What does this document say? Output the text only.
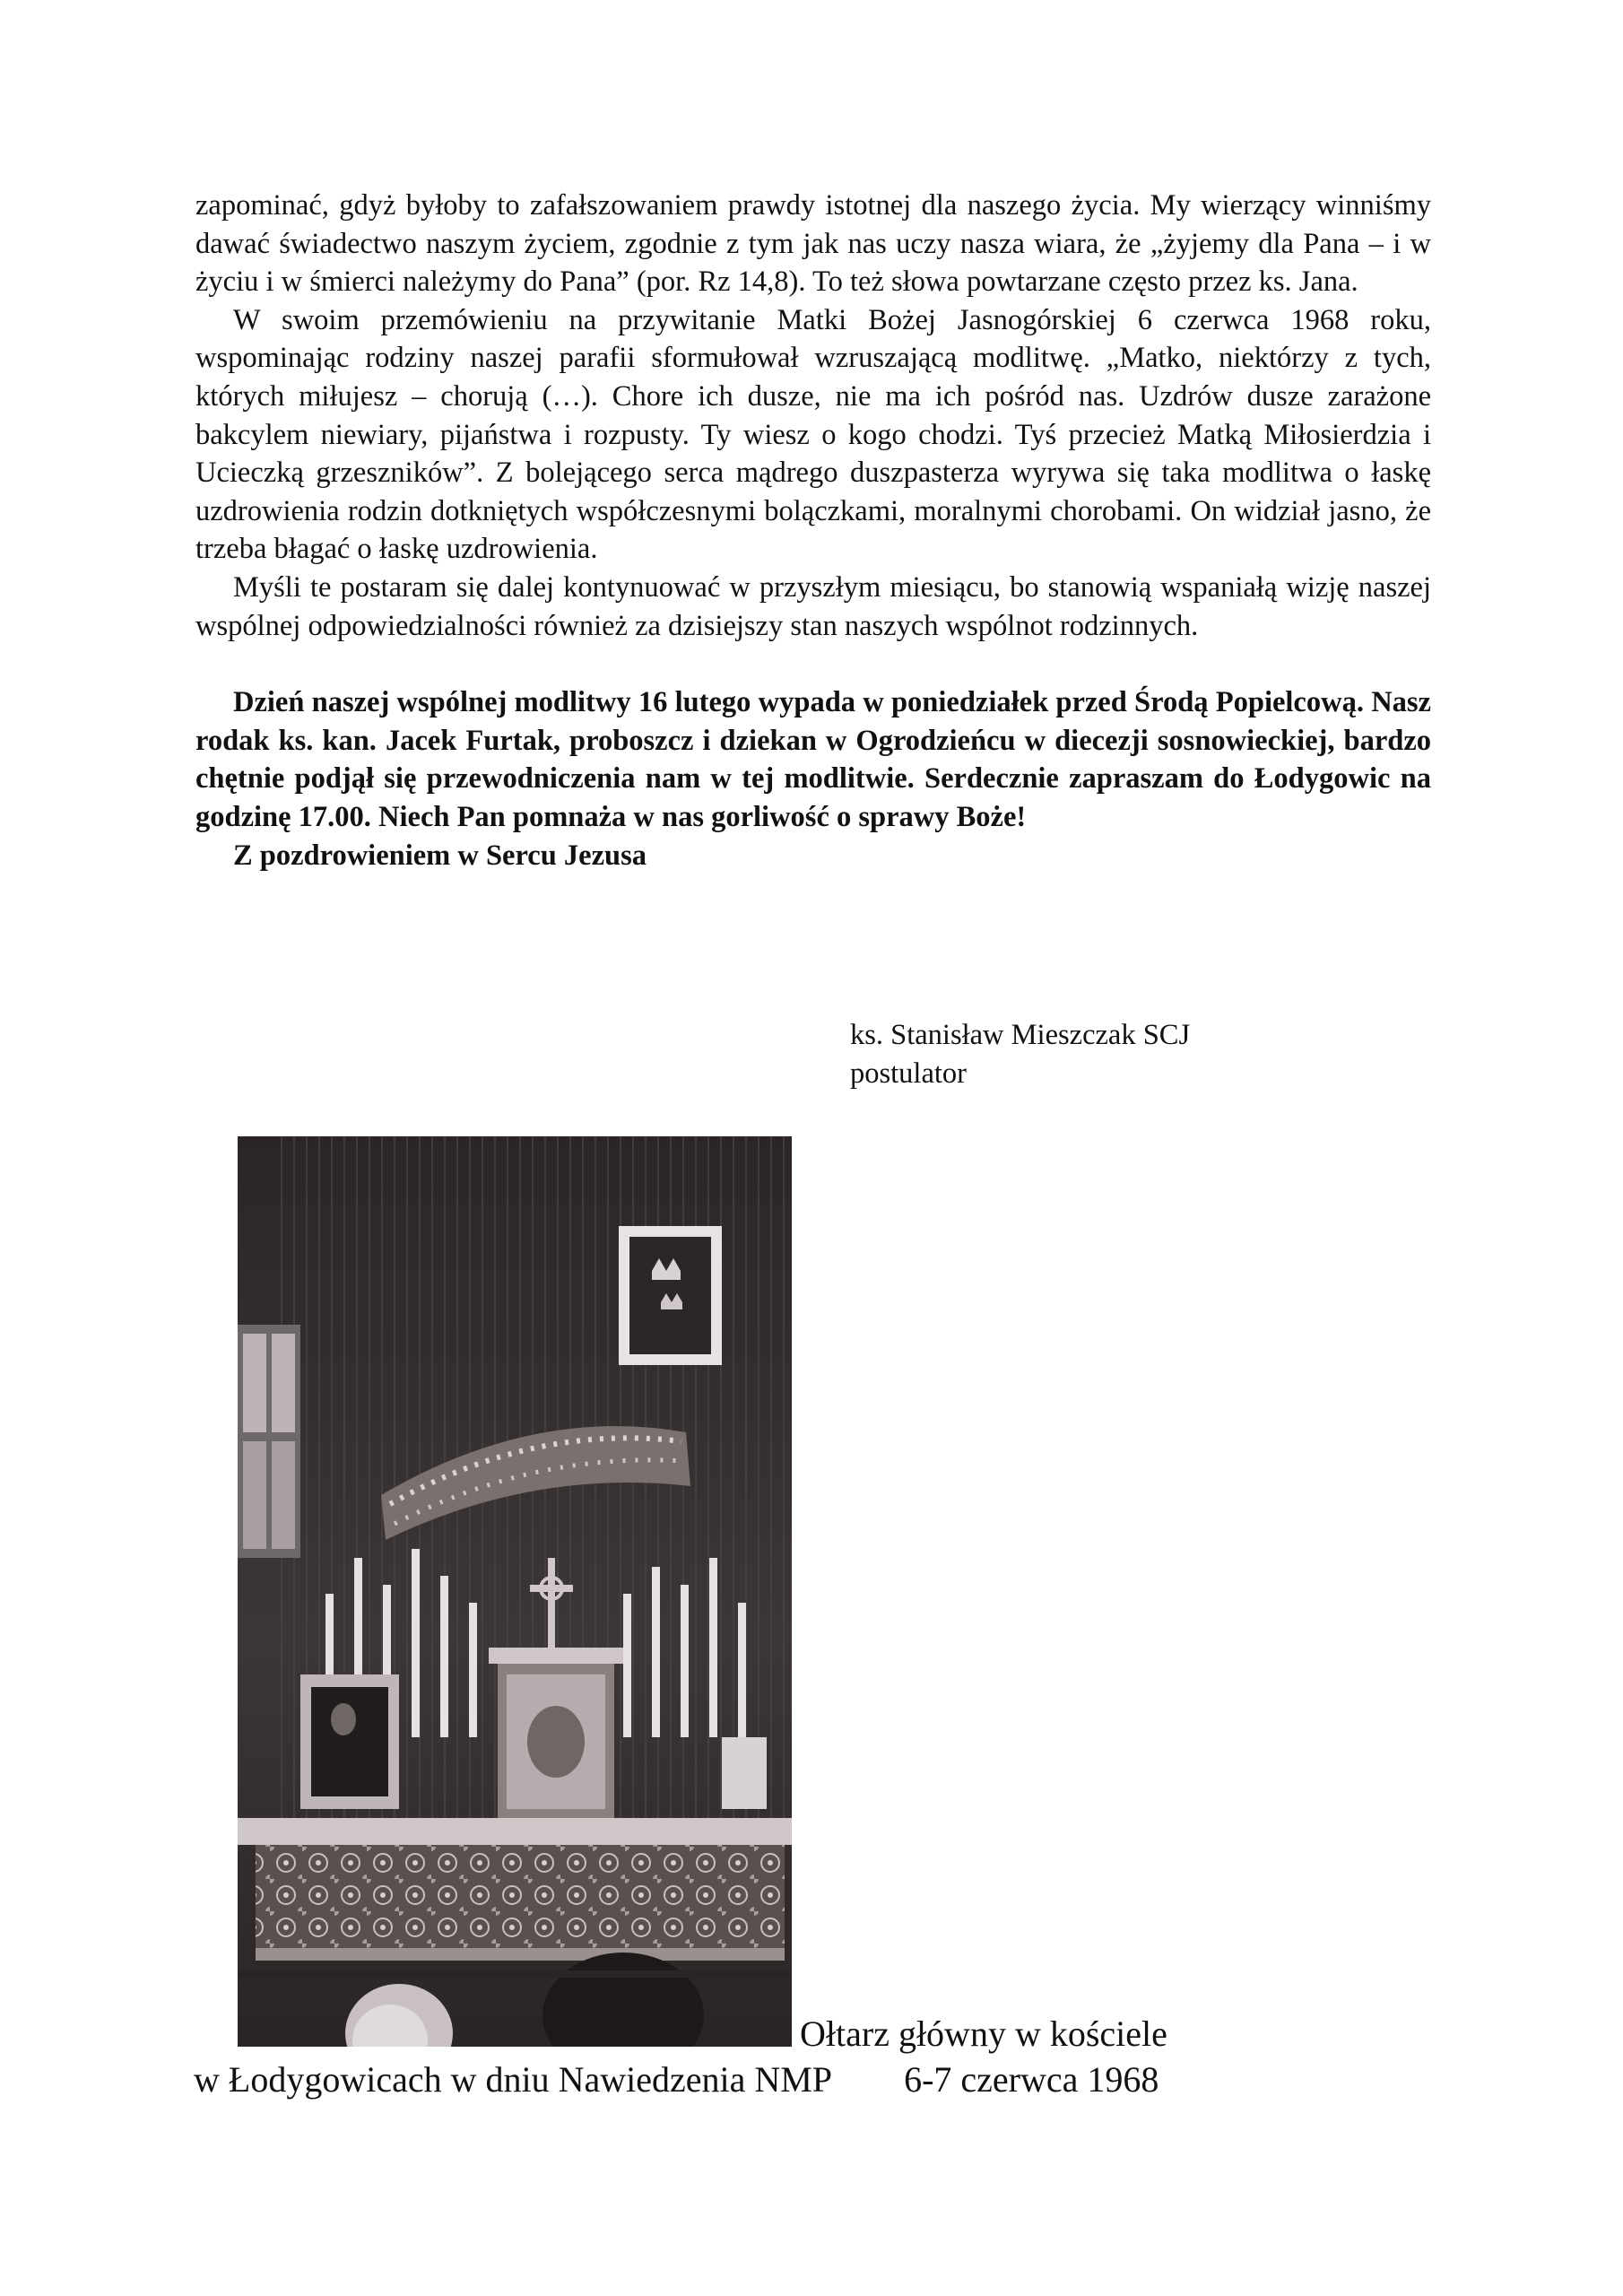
zapominać, gdyż byłoby to zafałszowaniem prawdy istotnej dla naszego życia. My wierzący winniśmy dawać świadectwo naszym życiem, zgodnie z tym jak nas uczy nasza wiara, że „żyjemy dla Pana – i w życiu i w śmierci należymy do Pana” (por. Rz 14,8). To też słowa powtarzane często przez ks. Jana.

W swoim przemówieniu na przywitanie Matki Bożej Jasnogórskiej 6 czerwca 1968 roku, wspominając rodziny naszej parafii sformułował wzruszającą modlitwę. „Matko, niektórzy z tych, których miłujesz – chorują (…). Chore ich dusze, nie ma ich pośród nas. Uzdrów dusze zarażone bakcylem niewiary, pijaństwa i rozpusty. Ty wiesz o kogo chodzi. Tyś przecież Matką Miłosierdzia i Ucieczką grzeszników”. Z bolejącego serca mądrego duszpasterza wyrywa się taka modlitwa o łaskę uzdrowienia rodzin dotkniętych współczesnymi bolączkami, moralnymi chorobami. On widział jasno, że trzeba błagać o łaskę uzdrowienia.

Myśli te postaram się dalej kontynuować w przyszłym miesiącu, bo stanowią wspaniałą wizję naszej wspólnej odpowiedzialności również za dzisiejszy stan naszych wspólnot rodzinnych.

Dzień naszej wspólnej modlitwy 16 lutego wypada w poniedziałek przed Środą Popielcową. Nasz rodak ks. kan. Jacek Furtak, proboszcz i dziekan w Ogrodzieńcu w diecezji sosnowieckiej, bardzo chętnie podjął się przewodniczenia nam w tej modlitwie. Serdecznie zapraszam do Łodygowic na godzinę 17.00. Niech Pan pomnaża w nas gorliwość o sprawy Boże!

Z pozdrowieniem w Sercu Jezusa

ks. Stanisław Mieszczak SCJ
postulator
Ołtarz główny w kościele
w Łodygowicach w dniu Nawiedzenia NMP 6-7 czerwca 1968
